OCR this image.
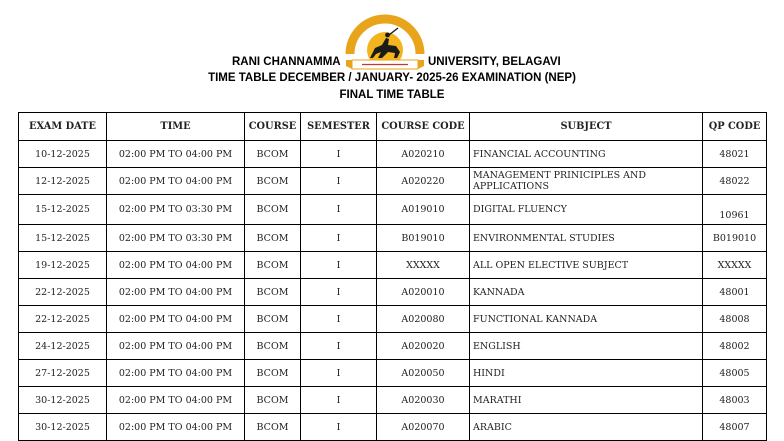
RANI CHANNAMMA	UNIVERSITY, BELAGAVI
TIME TABLE DECEMBER / JANUARY- 2025-26 EXAMINATION (NEP)
FINAL TIME TABLE
EXAM DATE	TIME	COURSE	SEMESTER	COURSE CODE	SUBJECT	QP CODE
10-12-2025	02:00 PM TO 04:00 PM	BCOM	I	A020210	FINANCIAL ACCOUNTING	48021
12-12-2025	02:00 PM TO 04:00 PM	BCOM	I	A020220	MANAGEMENT PRINICIPLES AND APPLICATIONS	48022
15-12-2025	02:00 PM TO 03:30 PM	BCOM	I	A019010	DIGITAL FLUENCY	10961
15-12-2025	02:00 PM TO 03:30 PM	BCOM	I	B019010	ENVIRONMENTAL STUDIES	B019010
19-12-2025	02:00 PM TO 04:00 PM	BCOM	I	XXXXX	ALL OPEN ELECTIVE SUBJECT	XXXXX
22-12-2025	02:00 PM TO 04:00 PM	BCOM	I	A020010	KANNADA	48001
22-12-2025	02:00 PM TO 04:00 PM	BCOM	I	A020080	FUNCTIONAL KANNADA	48008
24-12-2025	02:00 PM TO 04:00 PM	BCOM	I	A020020	ENGLISH	48002
27-12-2025	02:00 PM TO 04:00 PM	BCOM	I	A020050	HINDI	48005
30-12-2025	02:00 PM TO 04:00 PM	BCOM	I	A020030	MARATHI	48003
30-12-2025	02:00 PM TO 04:00 PM	BCOM	I	A020070	ARABIC	48007
